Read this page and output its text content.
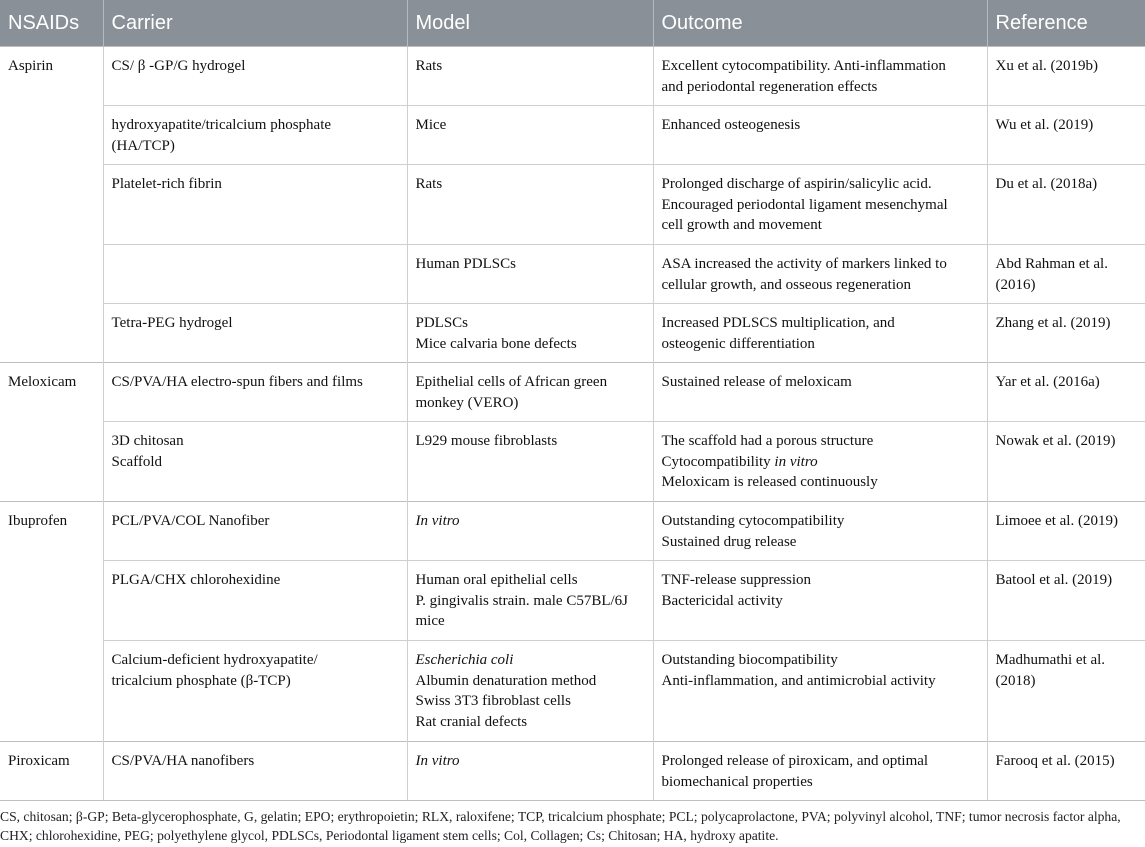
NSAIDs	Carrier	Model	Outcome	Reference
Aspirin	CS/ β -GP/G hydrogel	Rats	Excellent cytocompatibility. Anti-inflammation
and periodontal regeneration effects	Xu et al. (2019b)

	hydroxyapatite/tricalcium phosphate
(HA/TCP)	Mice	Enhanced osteogenesis	Wu et al. (2019)

	Platelet-rich fibrin	Rats	Prolonged discharge of aspirin/salicylic acid.
Encouraged periodontal ligament mesenchymal
cell growth and movement	Du et al. (2018a)

		Human PDLSCs	ASA increased the activity of markers linked to
cellular growth, and osseous regeneration	Abd Rahman et al.
(2016)

	Tetra-PEG hydrogel	PDLSCs
Mice calvaria bone defects	Increased PDLSCS multiplication, and
osteogenic differentiation	Zhang et al. (2019)

Meloxicam	CS/PVA/HA electro-spun fibers and films	Epithelial cells of African green
monkey (VERO)	Sustained release of meloxicam	Yar et al. (2016a)

	3D chitosan
Scaffold	L929 mouse fibroblasts	The scaffold had a porous structure
Cytocompatibility in vitro
Meloxicam is released continuously	Nowak et al. (2019)

Ibuprofen	PCL/PVA/COL Nanofiber	In vitro	Outstanding cytocompatibility
Sustained drug release	Limoee et al. (2019)

	PLGA/CHX chlorohexidine	Human oral epithelial cells
P. gingivalis strain. male C57BL/6J
mice	TNF-release suppression
Bactericidal activity	Batool et al. (2019)

	Calcium-deficient hydroxyapatite/
tricalcium phosphate (β-TCP)	Escherichia coli
Albumin denaturation method
Swiss 3T3 fibroblast cells
Rat cranial defects	Outstanding biocompatibility
Anti-inflammation, and antimicrobial activity	Madhumathi et al.
(2018)

Piroxicam	CS/PVA/HA nanofibers	In vitro	Prolonged release of piroxicam, and optimal
biomechanical properties	Farooq et al. (2015)
CS, chitosan; β-GP; Beta-glycerophosphate, G, gelatin; EPO; erythropoietin; RLX, raloxifene; TCP, tricalcium phosphate; PCL; polycaprolactone, PVA; polyvinyl alcohol, TNF; tumor necrosis factor alpha, CHX; chlorohexidine, PEG; polyethylene glycol, PDLSCs, Periodontal ligament stem cells; Col, Collagen; Cs; Chitosan; HA, hydroxy apatite.
